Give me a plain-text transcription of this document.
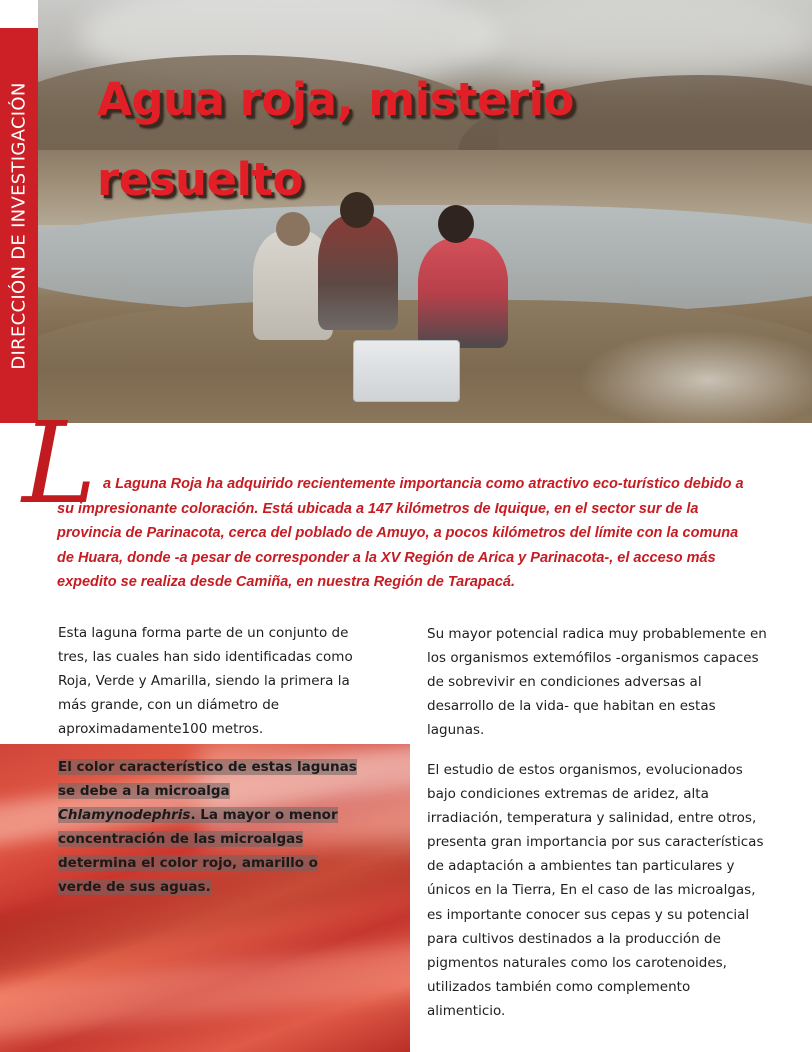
Agua roja, misterio resuelto
DIRECCIÓN DE INVESTIGACIÓN
L a Laguna Roja ha adquirido recientemente importancia como atractivo eco-turístico debido a su impresionante coloración. Está ubicada a 147 kilómetros de Iquique, en el sector sur de la provincia de Parinacota, cerca del poblado de Amuyo, a pocos kilómetros del límite con la comuna de Huara, donde -a pesar de corresponder a la XV Región de Arica y Parinacota-, el acceso más expedito se realiza desde Camiña, en nuestra Región de Tarapacá.

Esta laguna forma parte de un conjunto de tres, las cuales han sido identificadas como Roja, Verde y Amarilla, siendo la primera la más grande, con un diámetro de aproximadamente100 metros.

El color característico de estas lagunas se debe a la microalga Chlamynodephris. La mayor o menor concentración de las microalgas determina el color rojo, amarillo o verde de sus aguas.

Su mayor potencial radica muy probablemente en los organismos extemófilos -organismos capaces de sobrevivir en condiciones adversas al desarrollo de la vida- que habitan en estas lagunas.

El estudio de estos organismos, evolucionados bajo condiciones extremas de aridez, alta irradiación, temperatura y salinidad, entre otros, presenta gran importancia por sus características de adaptación a ambientes tan particulares y únicos en la Tierra, En el caso de las microalgas, es importante conocer sus cepas y su potencial para cultivos destinados a la producción de pigmentos naturales como los carotenoides, utilizados también como complemento alimenticio.
